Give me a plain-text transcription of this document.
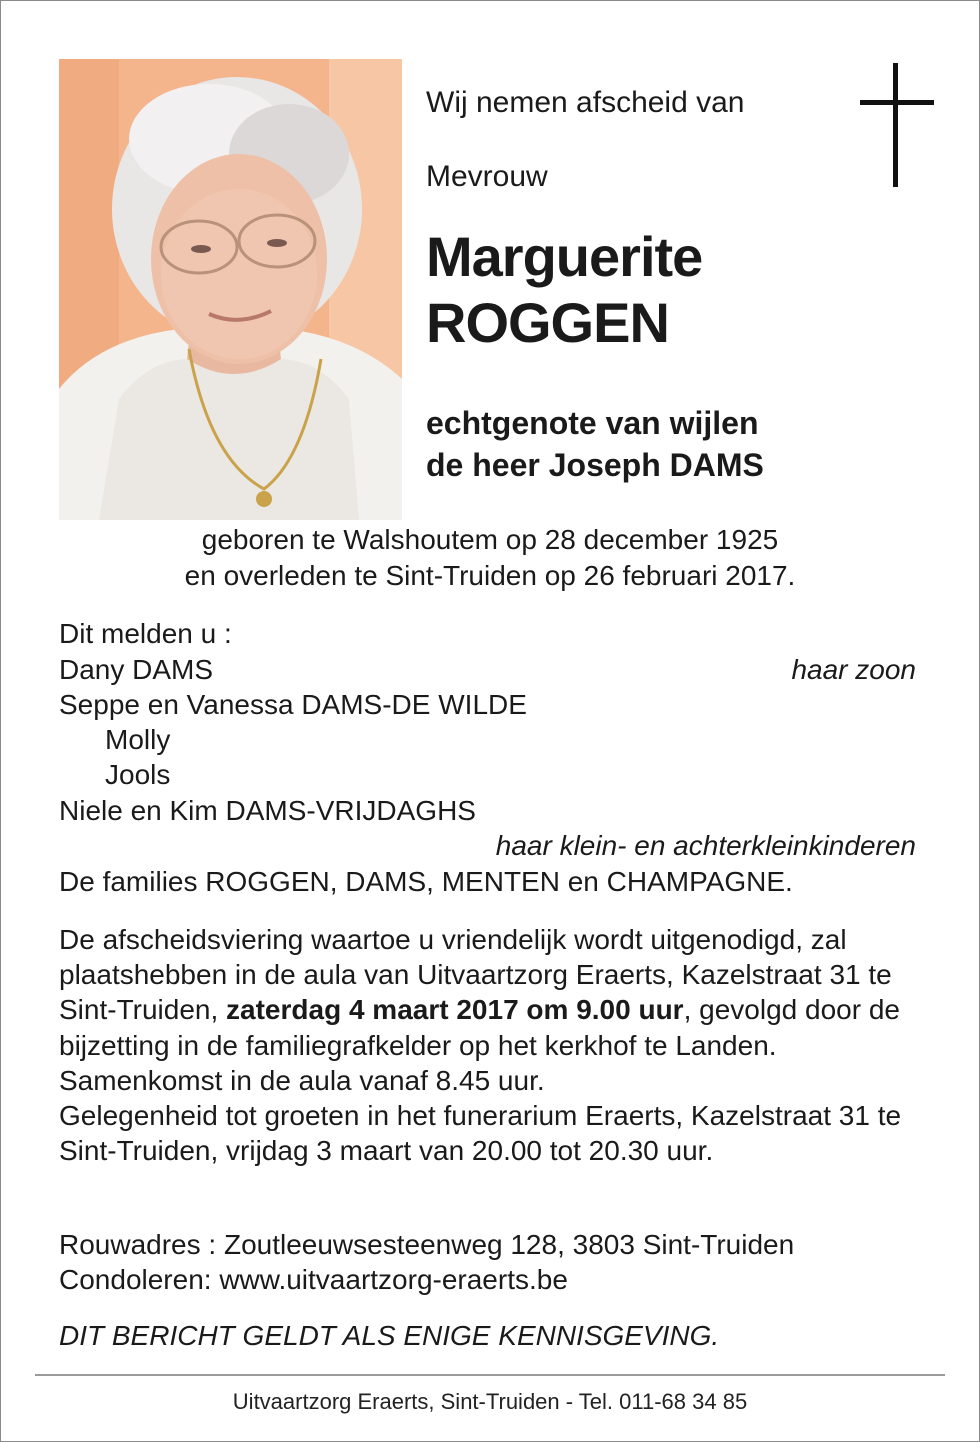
Wij nemen afscheid van
Mevrouw
Marguerite
ROGGEN
echtgenote van wijlen
de heer Joseph DAMS
geboren te Walshoutem op 28 december 1925
en overleden te Sint-Truiden op 26 februari 2017.
Dit melden u :
Dany DAMS	haar zoon
Seppe en Vanessa DAMS-DE WILDE
Molly
Jools
Niele en Kim DAMS-VRIJDAGHS
haar klein- en achterkleinkinderen
De families ROGGEN, DAMS, MENTEN en CHAMPAGNE.
De afscheidsviering waartoe u vriendelijk wordt uitgenodigd, zal plaatshebben in de aula van Uitvaartzorg Eraerts, Kazelstraat 31 te Sint-Truiden, zaterdag 4 maart 2017 om 9.00 uur, gevolgd door de bijzetting in de familiegrafkelder op het kerkhof te Landen.
Samenkomst in de aula vanaf 8.45 uur.
Gelegenheid tot groeten in het funerarium Eraerts, Kazelstraat 31 te Sint-Truiden, vrijdag 3 maart van 20.00 tot 20.30 uur.
Rouwadres : Zoutleeuwsesteenweg 128, 3803 Sint-Truiden
Condoleren: www.uitvaartzorg-eraerts.be
DIT BERICHT GELDT ALS ENIGE KENNISGEVING.
Uitvaartzorg Eraerts, Sint-Truiden - Tel. 011-68 34 85
